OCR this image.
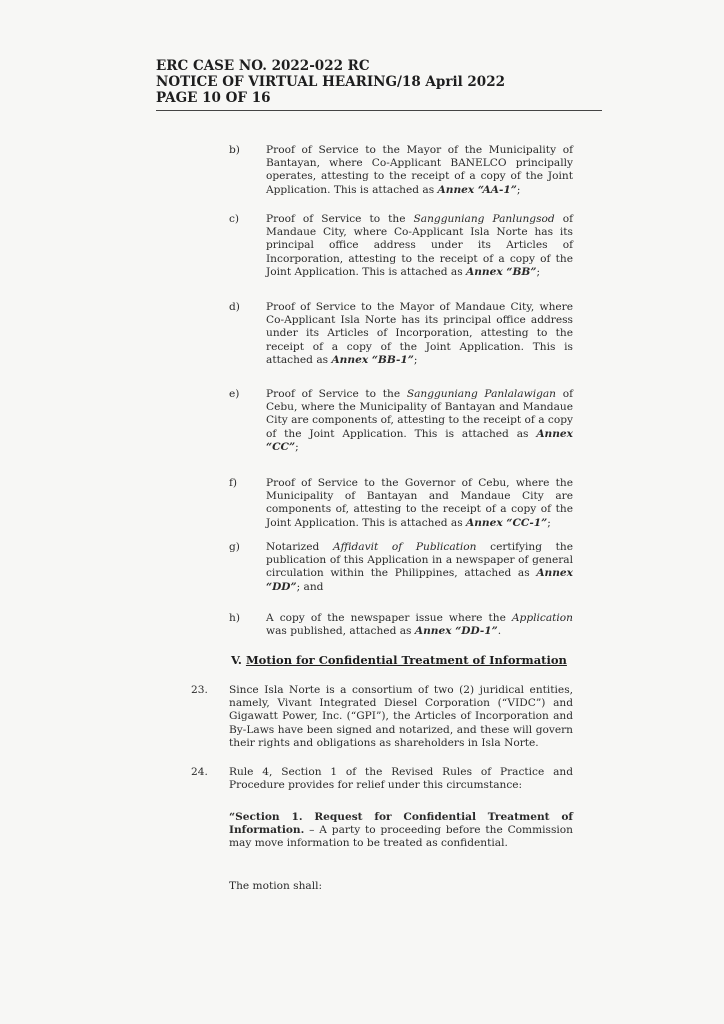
ERC CASE NO. 2022-022 RC
NOTICE OF VIRTUAL HEARING/18 April 2022
PAGE 10 OF 16
b) Proof of Service to the Mayor of the Municipality of Bantayan, where Co-Applicant BANELCO principally operates, attesting to the receipt of a copy of the Joint Application. This is attached as Annex “AA-1”;
c)	Proof of Service to the Sangguniang Panlungsod of Mandaue City, where Co-Applicant Isla Norte has its principal office address under its Articles of Incorporation, attesting to the receipt of a copy of the Joint Application. This is attached as Annex “BB”;
d) Proof of Service to the Mayor of Mandaue City, where Co-Applicant Isla Norte has its principal office address under its Articles of Incorporation, attesting to the receipt of a copy of the Joint Application. This is attached as Annex “BB-1”;
e)	Proof of Service to the Sangguniang Panlalawigan of Cebu, where the Municipality of Bantayan and Mandaue City are components of, attesting to the receipt of a copy of the Joint Application. This is attached as Annex “CC”;
f)	Proof of Service to the Governor of Cebu, where the Municipality of Bantayan and Mandaue City are components of, attesting to the receipt of a copy of the Joint Application. This is attached as Annex “CC-1”;
g) Notarized Affidavit of Publication certifying the publication of this Application in a newspaper of general circulation within the Philippines, attached as Annex “DD”; and
h) A copy of the newspaper issue where the Application was published, attached as Annex “DD-1”.
V. Motion for Confidential Treatment of Information
23. Since Isla Norte is a consortium of two (2) juridical entities, namely, Vivant Integrated Diesel Corporation (“VIDC”) and Gigawatt Power, Inc. (“GPI”), the Articles of Incorporation and By-Laws have been signed and notarized, and these will govern their rights and obligations as shareholders in Isla Norte.
24. Rule 4, Section 1 of the Revised Rules of Practice and Procedure provides for relief under this circumstance:
“Section 1. Request for Confidential Treatment of Information. – A party to proceeding before the Commission may move information to be treated as confidential.
The motion shall:
